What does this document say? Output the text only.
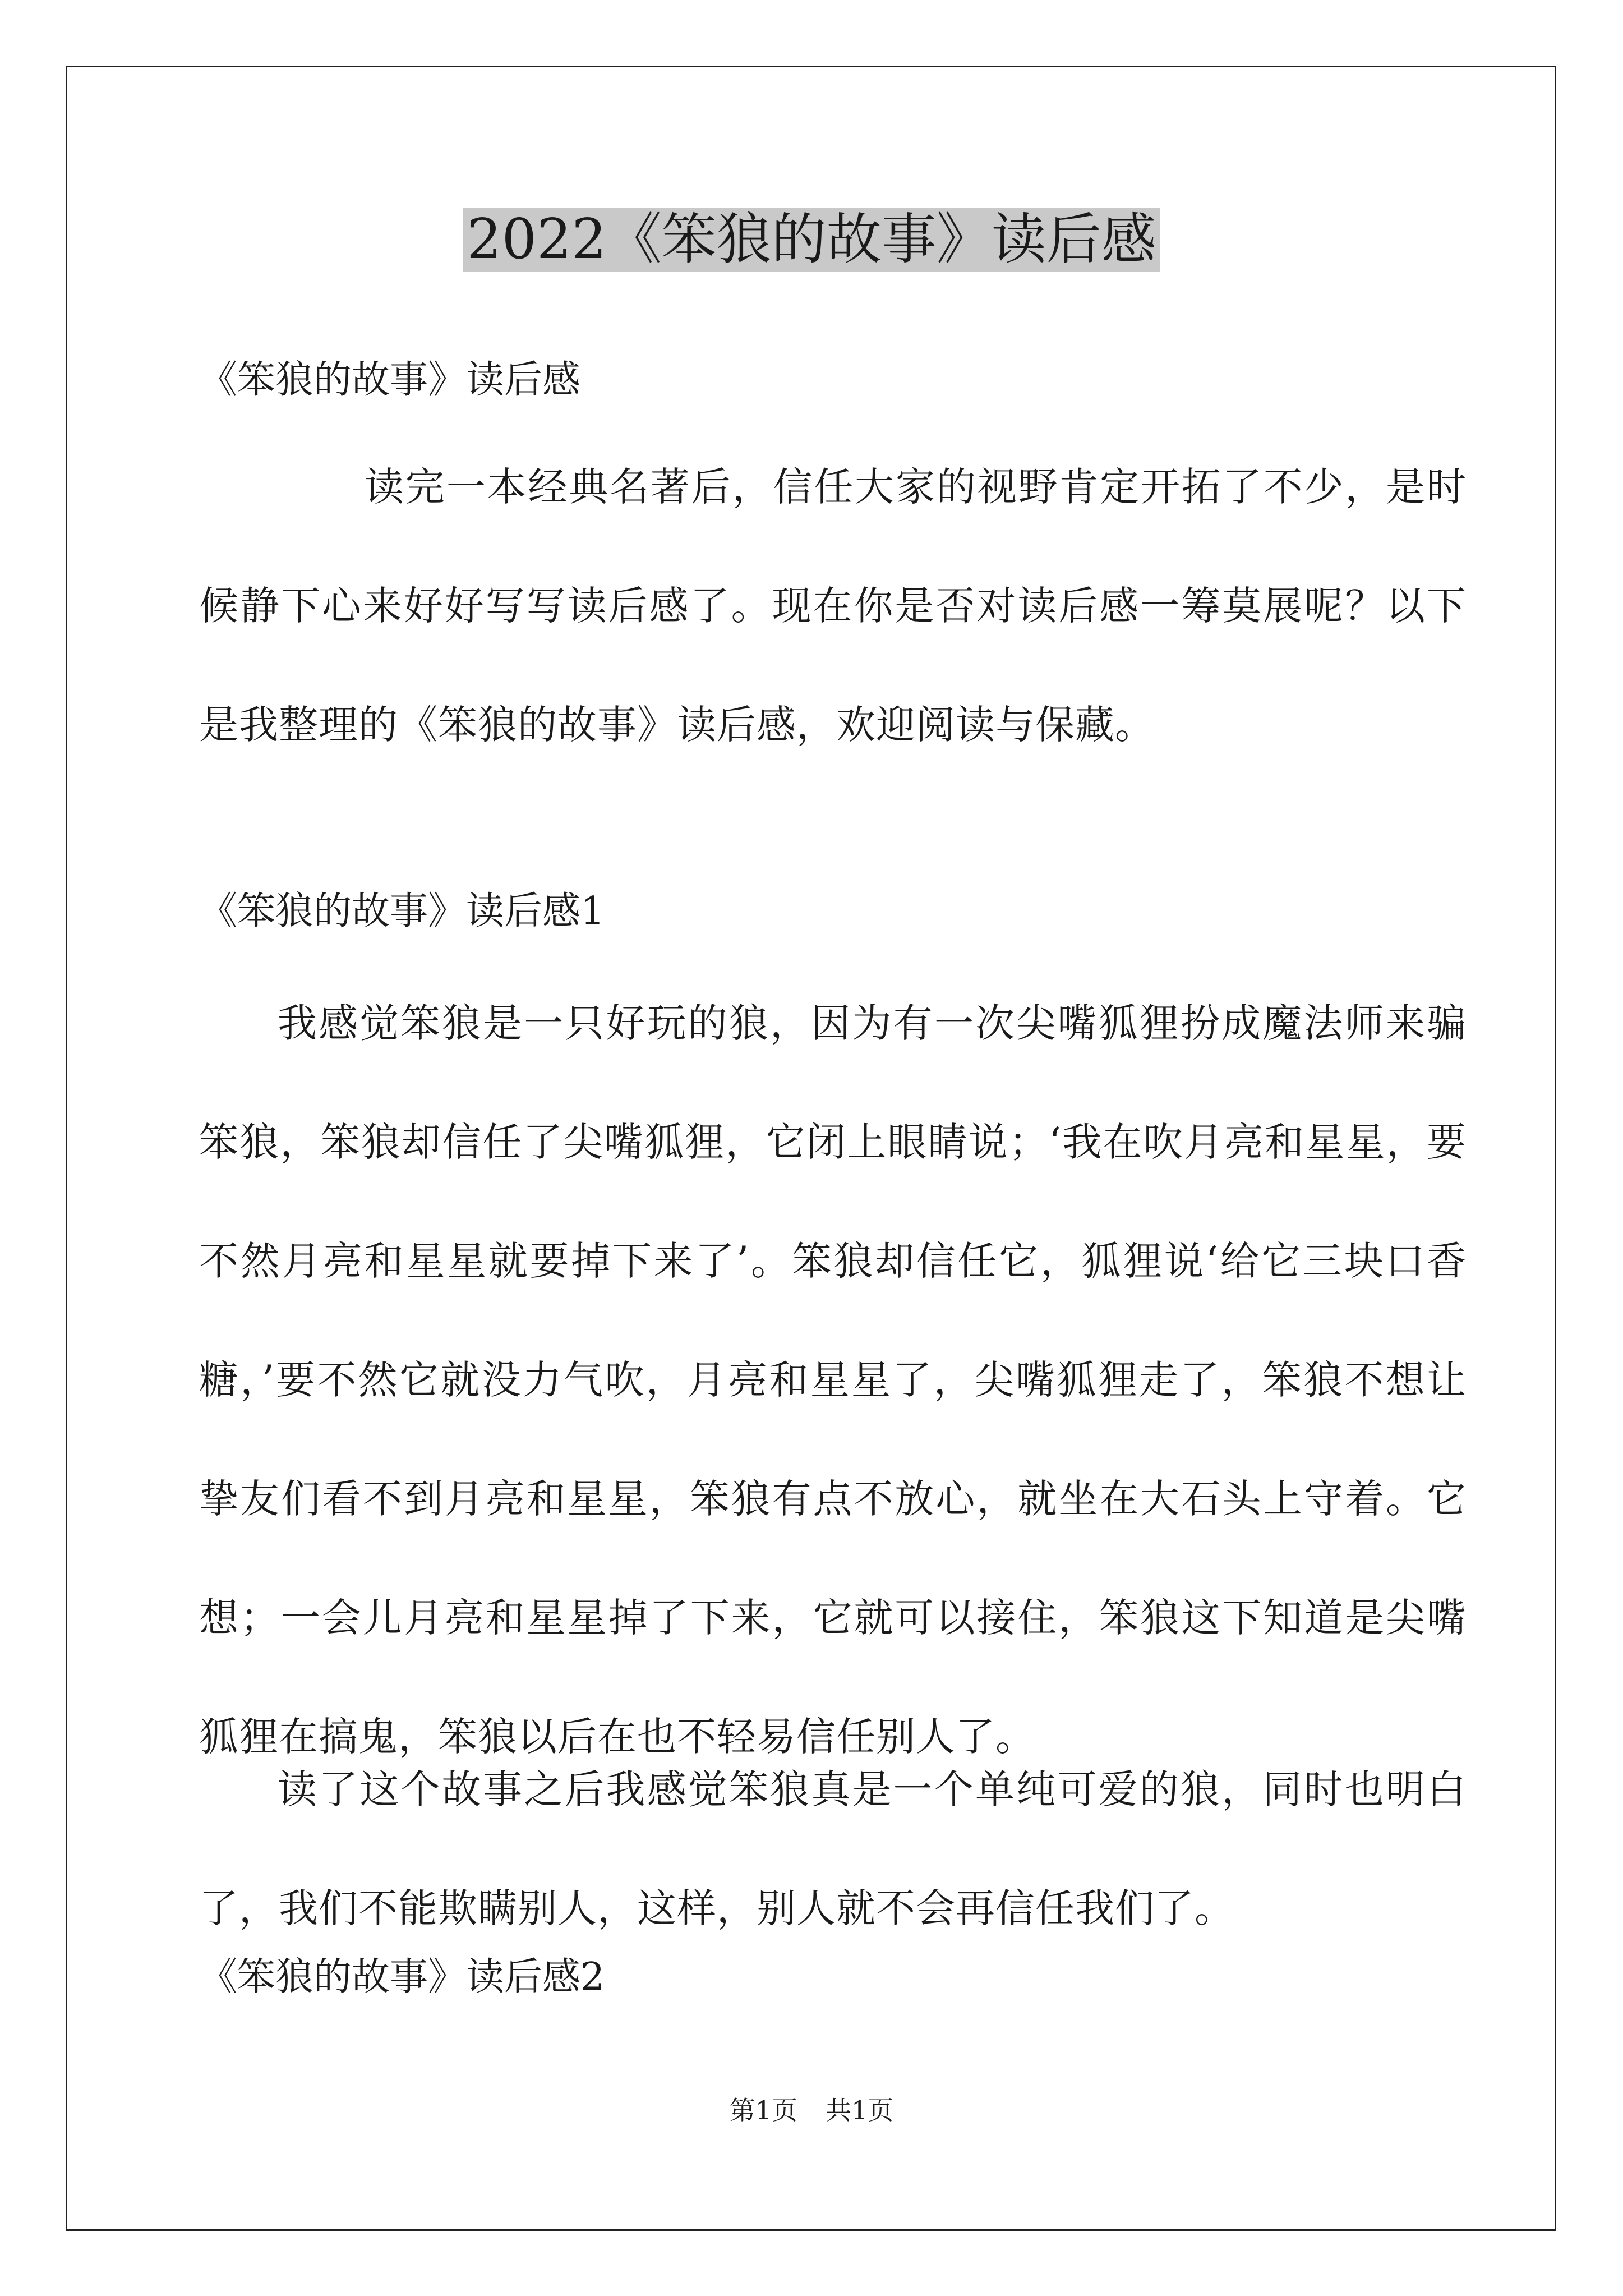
2022《笨狼的故事》读后感
《笨狼的故事》读后感
读完一本经典名著后，信任大家的视野肯定开拓了不少，是时候静下心来好好写写读后感了。现在你是否对读后感一筹莫展呢？以下是我整理的《笨狼的故事》读后感，欢迎阅读与保藏。
《笨狼的故事》读后感1
我感觉笨狼是一只好玩的狼，因为有一次尖嘴狐狸扮成魔法师来骗笨狼，笨狼却信任了尖嘴狐狸，它闭上眼睛说；‘我在吹月亮和星星，要不然月亮和星星就要掉下来了’。笨狼却信任它，狐狸说‘给它三块口香糖，’要不然它就没力气吹，月亮和星星了，尖嘴狐狸走了，笨狼不想让挚友们看不到月亮和星星，笨狼有点不放心，就坐在大石头上守着。它想；一会儿月亮和星星掉了下来，它就可以接住，笨狼这下知道是尖嘴狐狸在搞鬼，笨狼以后在也不轻易信任别人了。
读了这个故事之后我感觉笨狼真是一个单纯可爱的狼，同时也明白了，我们不能欺瞒别人，这样，别人就不会再信任我们了。
《笨狼的故事》读后感2
第1页 共1页
